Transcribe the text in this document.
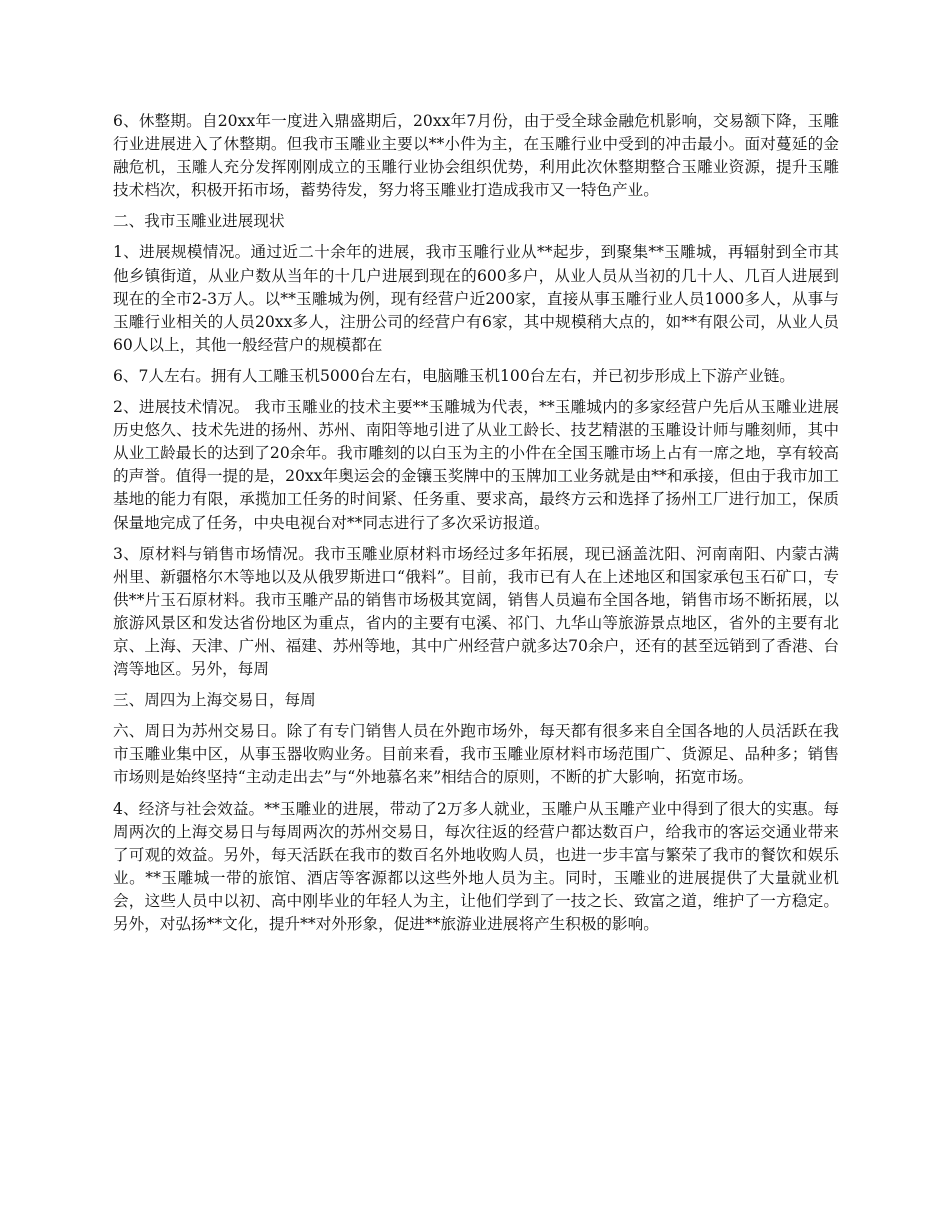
6、休整期。自20xx年一度进入鼎盛期后，20xx年7月份，由于受全球金融危机影响，交易额下降，玉雕行业进展进入了休整期。但我市玉雕业主要以**小件为主，在玉雕行业中受到的冲击最小。面对蔓延的金融危机，玉雕人充分发挥刚刚成立的玉雕行业协会组织优势，利用此次休整期整合玉雕业资源，提升玉雕技术档次，积极开拓市场，蓄势待发，努力将玉雕业打造成我市又一特色产业。

二、我市玉雕业进展现状

1、进展规模情况。通过近二十余年的进展，我市玉雕行业从**起步，到聚集**玉雕城，再辐射到全市其他乡镇街道，从业户数从当年的十几户进展到现在的600多户，从业人员从当初的几十人、几百人进展到现在的全市2-3万人。以**玉雕城为例，现有经营户近200家，直接从事玉雕行业人员1000多人，从事与玉雕行业相关的人员20xx多人，注册公司的经营户有6家，其中规模稍大点的，如**有限公司，从业人员60人以上，其他一般经营户的规模都在

6、7人左右。拥有人工雕玉机5000台左右，电脑雕玉机100台左右，并已初步形成上下游产业链。

2、进展技术情况。 我市玉雕业的技术主要**玉雕城为代表，**玉雕城内的多家经营户先后从玉雕业进展历史悠久、技术先进的扬州、苏州、南阳等地引进了从业工龄长、技艺精湛的玉雕设计师与雕刻师，其中从业工龄最长的达到了20余年。我市雕刻的以白玉为主的小件在全国玉雕市场上占有一席之地，享有较高的声誉。值得一提的是，20xx年奥运会的金镶玉奖牌中的玉牌加工业务就是由**和承接，但由于我市加工基地的能力有限，承揽加工任务的时间紧、任务重、要求高，最终方云和选择了扬州工厂进行加工，保质保量地完成了任务，中央电视台对**同志进行了多次采访报道。

3、原材料与销售市场情况。我市玉雕业原材料市场经过多年拓展，现已涵盖沈阳、河南南阳、内蒙古满州里、新疆格尔木等地以及从俄罗斯进口“俄料”。目前，我市已有人在上述地区和国家承包玉石矿口，专供**片玉石原材料。我市玉雕产品的销售市场极其宽阔，销售人员遍布全国各地，销售市场不断拓展，以旅游风景区和发达省份地区为重点，省内的主要有屯溪、祁门、九华山等旅游景点地区，省外的主要有北京、上海、天津、广州、福建、苏州等地，其中广州经营户就多达70余户，还有的甚至远销到了香港、台湾等地区。另外，每周

三、周四为上海交易日，每周

六、周日为苏州交易日。除了有专门销售人员在外跑市场外，每天都有很多来自全国各地的人员活跃在我市玉雕业集中区，从事玉器收购业务。目前来看，我市玉雕业原材料市场范围广、货源足、品种多；销售市场则是始终坚持“主动走出去”与“外地慕名来”相结合的原则，不断的扩大影响，拓宽市场。

4、经济与社会效益。**玉雕业的进展，带动了2万多人就业，玉雕户从玉雕产业中得到了很大的实惠。每周两次的上海交易日与每周两次的苏州交易日，每次往返的经营户都达数百户，给我市的客运交通业带来了可观的效益。另外，每天活跃在我市的数百名外地收购人员，也进一步丰富与繁荣了我市的餐饮和娱乐业。**玉雕城一带的旅馆、酒店等客源都以这些外地人员为主。同时，玉雕业的进展提供了大量就业机会，这些人员中以初、高中刚毕业的年轻人为主，让他们学到了一技之长、致富之道，维护了一方稳定。另外，对弘扬**文化，提升**对外形象，促进**旅游业进展将产生积极的影响。
